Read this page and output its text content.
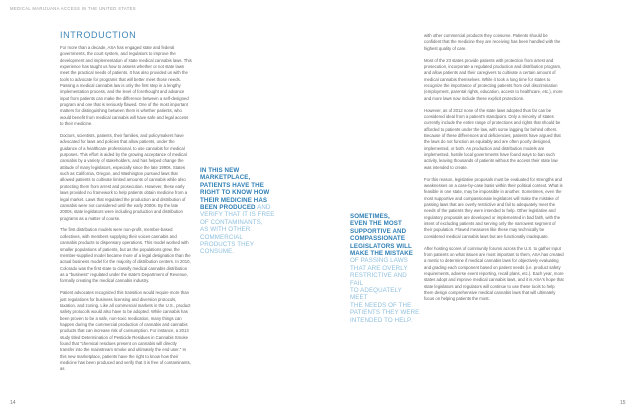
MEDICAL MARIJUANA ACCESS IN THE UNITED STATES
INTRODUCTION

For more than a decade, ASA has engaged state and federal governments, the court system, and regulators to improve the development and implementation of state medical cannabis laws. This experience has taught us how to assess whether or not state laws meet the practical needs of patients. It has also provided us with the tools to advocate for programs that will better meet those needs. Passing a medical cannabis law is only the first step in a lengthy implementation process, and the level of forethought and advance input from patients can make the difference between a self-designed program and one that is seriously flawed. One of the most important matters for distinguishing between them is whether patients, who would benefit from medical cannabis will have safe and legal access to their medicine.

Doctors, scientists, patients, their families, and policymakers have advocated for laws and policies that allow patients, under the guidance of a healthcare professional, to use cannabis for medical purposes. This effort is aided by the growing acceptance of medical cannabis by a variety of stakeholders, and has helped change the attitude of many legislators, especially since the late 1990s. States such as California, Oregon, and Washington pursued laws that allowed patients to cultivate limited amounts of cannabis while also protecting them from arrest and prosecution. However, these early laws provided no framework to help patients obtain medicine from a legal market. Laws that regulated the production and distribution of cannabis were not considered until the early 2000s. By the late 2000s, state legislators were including production and distribution programs as a matter of course.

The first distribution models were non-profit, member-based collectives, with members supplying their voices cannabis and cannabis products to dispensary operations. This model worked with smaller populations of patients, but as the populations grew, the member-supplied model became more of a legal designation than the actual business model for the majority of distribution centers. In 2010, Colorado was the first state to classify medical cannabis distribution as a "business" regulated under the state's Department of Revenue, formally creating the medical cannabis industry.

Patient advocates recognized this transition would require more than just regulations for business licensing and diversion protocols, taxation, and zoning. Like all commercial markets in the U.S., product safety protocols would also have to be adopted. While cannabis has been proven to be a safe, non-toxic medication, many things can happen during the commercial production of cannabis and cannabis products that can increase risk of consumption. For instance, a 2013 study titled Determination of Pesticide Residues in Cannabis Smoke found that "chemical residues present on cannabis will directly transfer into the mainstream smoke and ultimately the end user." In this new marketplace, patients have the right to know how their medicine has been produced and verify that it is free of contaminants, as

IN THIS NEW
MARKETPLACE,
PATIENTS HAVE THE
RIGHT TO KNOW HOW
THEIR MEDICINE HAS
BEEN PRODUCED AND
VERIFY THAT IT IS FREE
OF CONTAMINANTS,
AS WITH OTHER
COMMERCIAL
PRODUCTS THEY
CONSUME.
SOMETIMES,
EVEN THE MOST
SUPPORTIVE AND
COMPASSIONATE
LEGISLATORS WILL
MAKE THE MISTAKE
OF PASSING LAWS
THAT ARE OVERLY
RESTRICTIVE AND FAIL
TO ADEQUATELY MEET
THE NEEDS OF THE
PATIENTS THEY WERE
INTENDED TO HELP.

with other commercial products they consume. Patients should be confident that the medicine they are receiving has been handled with the highest quality of care.

Most of the 23 states provide patients with protection from arrest and prosecution, incorporate a regulated production and distribution program, and allow patients and their caregivers to cultivate a certain amount of medical cannabis themselves. While it took a long time for states to recognize the importance of protecting patients from civil discrimination (employment, parental rights, education, access to healthcare, etc.), more and more laws now include these explicit protections.

However, as of 2012 none of the state laws adopted thus far can be considered ideal from a patient's standpoint. Only a minority of states currently include the entire range of protections and rights that should be afforded to patients under the law, with some lagging far behind others. Because of these differences and deficiencies, patients have argued that the laws do not function as equitably and are often poorly designed, implemented, or both. As production and distribution models are implemented, hostile local governments have found ways to ban such activity, leaving thousands of patients without the access their state law was intended to create.

For this reason, legislative proposals must be evaluated for strengths and weaknesses on a case-by-case basis within their political context. What is feasible in one state, may be impossible in another. Sometimes, even the most supportive and compassionate legislators will make the mistake of passing laws that are overly restrictive and fail to adequately meet the needs of the patients they were intended to help. Other legislative and regulatory proposals are developed or implemented in bad faith, with the intent of excluding patients and serving only the narrowest segment of their population. Flawed measures like these may technically be considered medical cannabis laws but are functionally inadequate.

After hosting scores of community forums across the U.S. to gather input from patients on what issues are most important to them, ASA has created a metric to determine if medical cannabis laws for objectively evaluating and grading each component based on patient needs (i.e. product safety requirements, adverse event reporting, recall plans, etc.). Each year, more states adopt and improve medical cannabis laws, and it is ASA's hope that state legislators and regulators will continue to use these tools to help them design comprehensive medical cannabis laws that will ultimately focus on helping patients the most.

14	15
